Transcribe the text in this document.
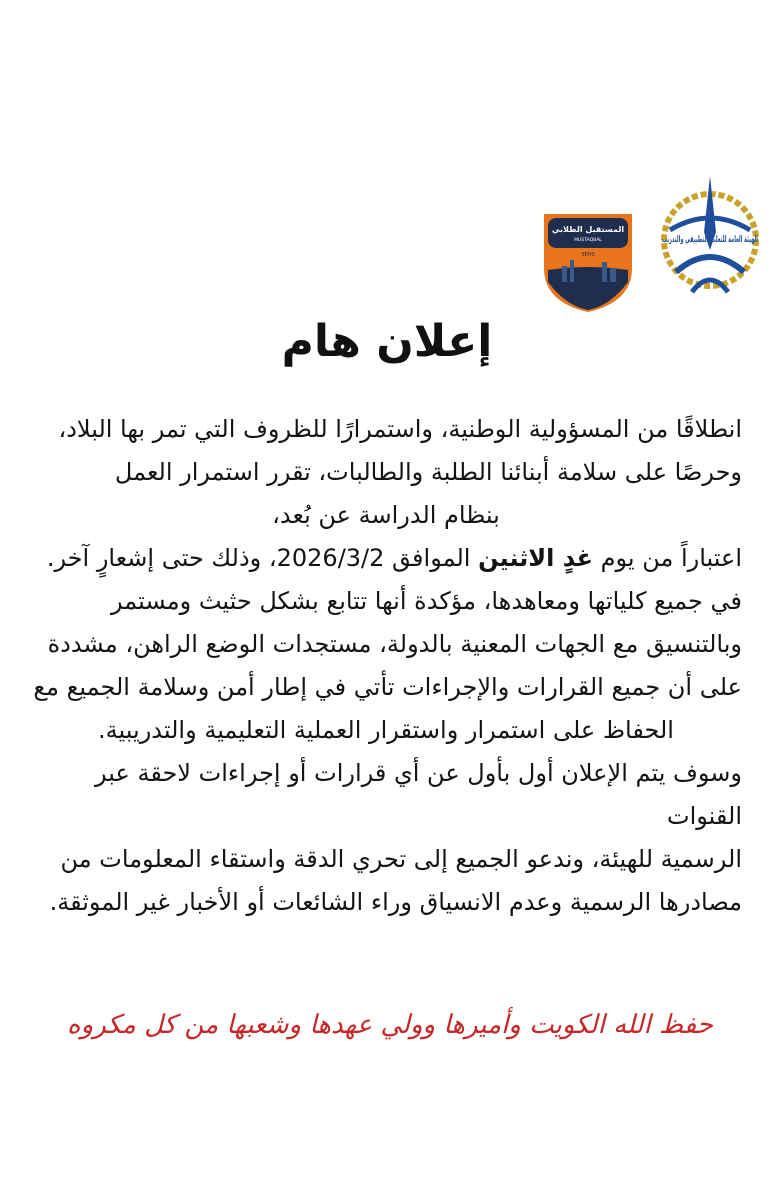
المستقبل الطلابي
MUSTAQBAL
SEHS
الهيئة العامة للتعليم التطبيقي والتدريب
إعلان هام

انطلاقًا من المسؤولية الوطنية، واستمرارًا للظروف التي تمر بها البلاد،

وحرصًا على سلامة أبنائنا الطلبة والطالبات، تقرر استمرار العمل

بنظام الدراسة عن بُعد،

اعتباراً من يوم غدٍ الاثنين الموافق 2026/3/2، وذلك حتى إشعارٍ آخر.

في جميع كلياتها ومعاهدها، مؤكدة أنها تتابع بشكل حثيث ومستمر

وبالتنسيق مع الجهات المعنية بالدولة، مستجدات الوضع الراهن، مشددة

على أن جميع القرارات والإجراءات تأتي في إطار أمن وسلامة الجميع مع

الحفاظ على استمرار واستقرار العملية التعليمية والتدريبية.

وسوف يتم الإعلان أول بأول عن أي قرارات أو إجراءات لاحقة عبر القنوات

الرسمية للهيئة، وندعو الجميع إلى تحري الدقة واستقاء المعلومات من

مصادرها الرسمية وعدم الانسياق وراء الشائعات أو الأخبار غير الموثقة.

حفظ الله الكويت وأميرها وولي عهدها وشعبها من كل مكروه
